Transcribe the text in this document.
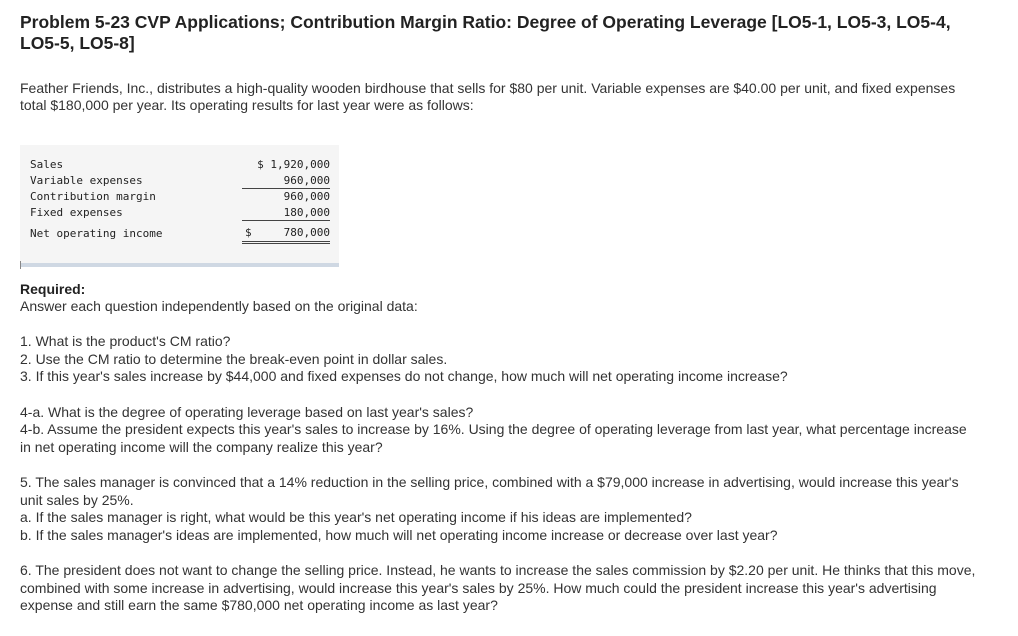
Problem 5-23 CVP Applications; Contribution Margin Ratio: Degree of Operating Leverage [LO5-1, LO5-3, LO5-4, LO5-5, LO5-8]
Feather Friends, Inc., distributes a high-quality wooden birdhouse that sells for $80 per unit. Variable expenses are $40.00 per unit, and fixed expenses total $180,000 per year. Its operating results for last year were as follows:
Sales	$ 1,920,000
Variable expenses	960,000
Contribution margin	960,000
Fixed expenses	180,000
Net operating income	$ 780,000
Required:
Answer each question independently based on the original data:
1. What is the product's CM ratio?
2. Use the CM ratio to determine the break-even point in dollar sales.
3. If this year's sales increase by $44,000 and fixed expenses do not change, how much will net operating income increase?
4-a. What is the degree of operating leverage based on last year's sales?
4-b. Assume the president expects this year's sales to increase by 16%. Using the degree of operating leverage from last year, what percentage increase in net operating income will the company realize this year?
5. The sales manager is convinced that a 14% reduction in the selling price, combined with a $79,000 increase in advertising, would increase this year's unit sales by 25%.
a. If the sales manager is right, what would be this year's net operating income if his ideas are implemented?
b. If the sales manager's ideas are implemented, how much will net operating income increase or decrease over last year?
6. The president does not want to change the selling price. Instead, he wants to increase the sales commission by $2.20 per unit. He thinks that this move, combined with some increase in advertising, would increase this year's sales by 25%. How much could the president increase this year's advertising expense and still earn the same $780,000 net operating income as last year?
